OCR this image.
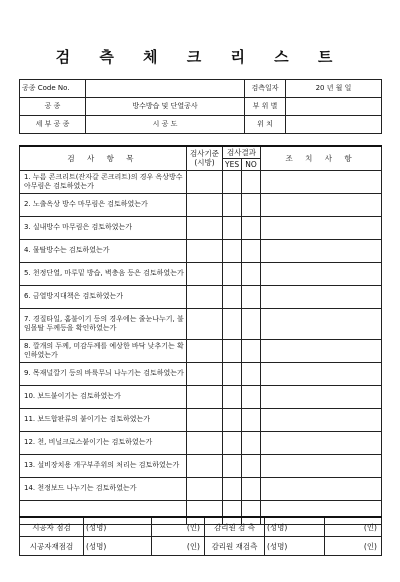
검 측 체 크 리 스 트
공종 Code No.		검측일자	20 년 월 일
공 종	방수방습 및 단열공사	부 위 별	
세 부 공 종	시 공 도	위 치	
검 사 항 목	검사기준 (시방)	검사결과		조 치 사 항
		YES	NO	
1. 누름 콘크리트(잔자갈 콘크리트)의 경우 옥상방수 아무림은 검토하였는가				
2. 노출옥상 방수 마무림은 검토하였는가				
3. 실내방수 마무림은 검토하였는가				
4. 물탈방수는 검토하였는가				
5. 천정단열, 마루밑 방습, 벽충음 등은 검토하였는가				
6. 금열방지대책은 검토하였는가				
7. 경질타일, 홈불이기 등의 경우에는 줄눈나누기, 불임몰탈 두께등을 확인하였는가				
8. 깔개의 두께, 미감두께를 예상한 바닥 낮추기는 확인하였는가				
9. 목재널깔기 등의 바륙무늬 나누기는 검토하였는가				
10. 보드붙이기는 검토하였는가				
11. 보드합판류의 붙이기는 검토하였는가				
12. 천, 비닐크로스붙이기는 검토하였는가				
13. 설비장치용 개구부주위의 처리는 검토하였는가				
14. 천정보드 나누기는 검토하였는가				

시공자 점검	(성명)	(인)	감리원 검 측	(성명)	(인)
시공자재점검	(성명)	(인)	감리원 재검측	(성명)	(인)
